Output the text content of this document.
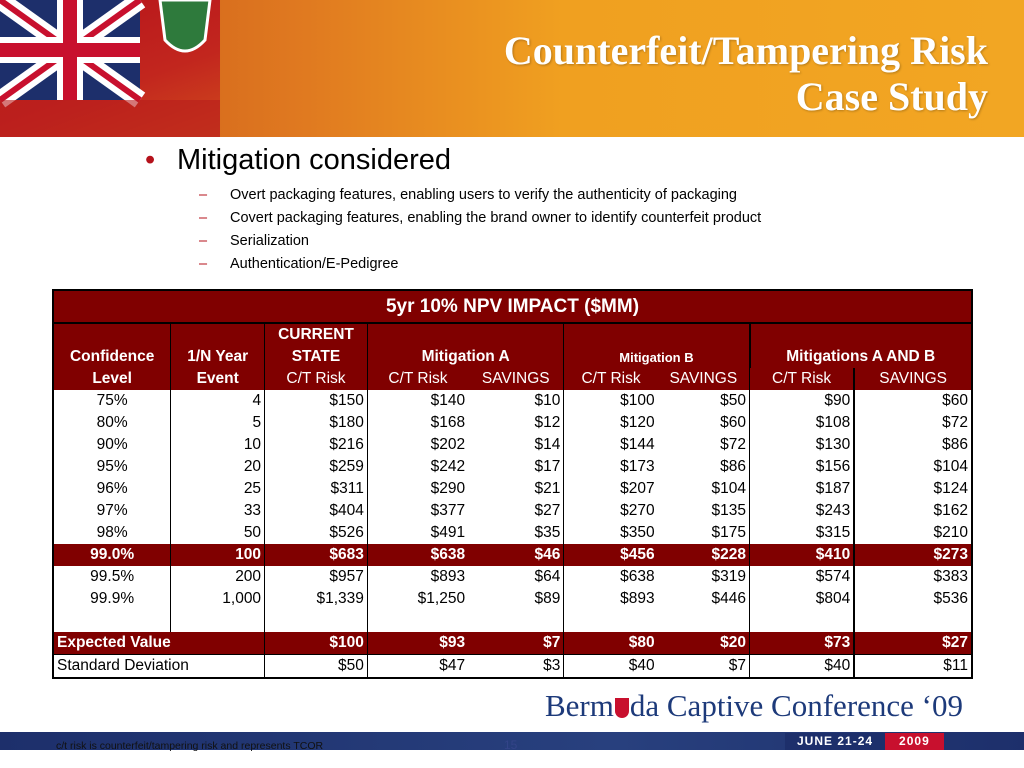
Counterfeit/Tampering Risk
Case Study
• Mitigation considered
–	Overt packaging features, enabling users to verify the authenticity of packaging
–	Covert packaging features, enabling the brand owner to identify counterfeit product
–	Serialization
–	Authentication/E-Pedigree
5yr 10% NPV IMPACT ($MM)								
		CURRENT						
Confidence	1/N Year	STATE	Mitigation A		Mitigation B		Mitigations A AND B	
Level	Event	C/T Risk	C/T Risk	SAVINGS	C/T Risk	SAVINGS	C/T Risk	SAVINGS
75%	4	$150	$140	$10	$100	$50	$90	$60
80%	5	$180	$168	$12	$120	$60	$108	$72
90%	10	$216	$202	$14	$144	$72	$130	$86
95%	20	$259	$242	$17	$173	$86	$156	$104
96%	25	$311	$290	$21	$207	$104	$187	$124
97%	33	$404	$377	$27	$270	$135	$243	$162
98%	50	$526	$491	$35	$350	$175	$315	$210
99.0%	100	$683	$638	$46	$456	$228	$410	$273
99.5%	200	$957	$893	$64	$638	$319	$574	$383
99.9%	1,000	$1,339	$1,250	$89	$893	$446	$804	$536

Expected Value		$100	$93	$7	$80	$20	$73	$27
Standard Deviation		$50	$47	$3	$40	$7	$40	$11
Berm da Captive Conference ‘09
c/t risk is counterfeit/tampering risk and represents TCOR	15	JUNE 21-24	2009
